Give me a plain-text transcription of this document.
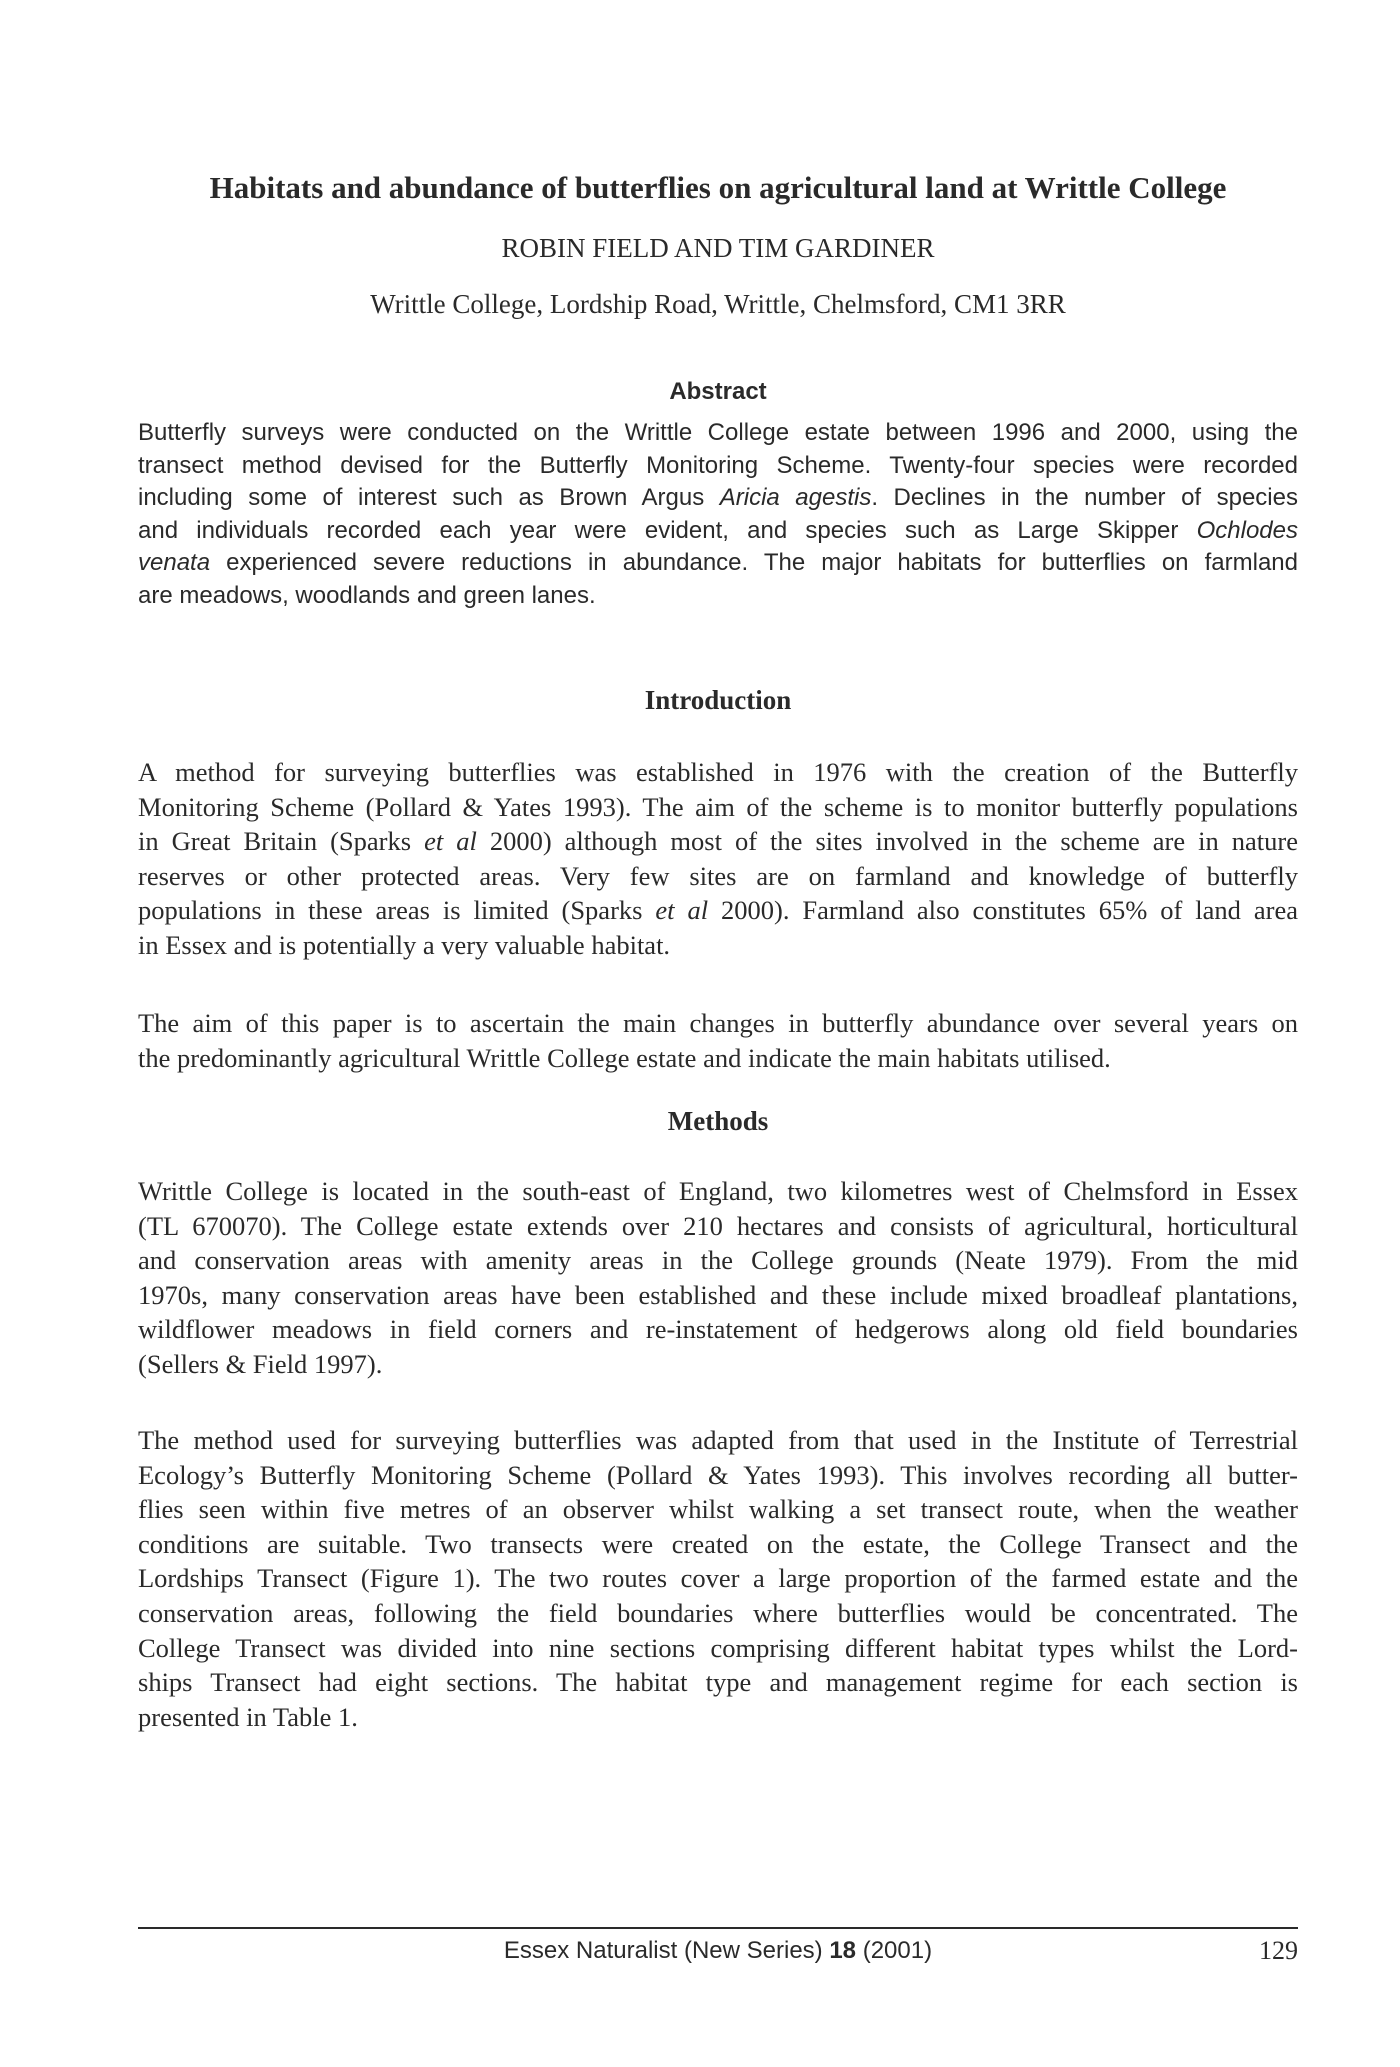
Habitats and abundance of butterflies on agricultural land at Writtle College
ROBIN FIELD AND TIM GARDINER
Writtle College, Lordship Road, Writtle, Chelmsford, CM1 3RR
Abstract
Butterfly surveys were conducted on the Writtle College estate between 1996 and 2000, using the
transect method devised for the Butterfly Monitoring Scheme. Twenty-four species were recorded
including some of interest such as Brown Argus Aricia agestis. Declines in the number of species
and individuals recorded each year were evident, and species such as Large Skipper Ochlodes
venata experienced severe reductions in abundance. The major habitats for butterflies on farmland
are meadows, woodlands and green lanes.
Introduction
A method for surveying butterflies was established in 1976 with the creation of the Butterfly
Monitoring Scheme (Pollard & Yates 1993). The aim of the scheme is to monitor butterfly populations
in Great Britain (Sparks et al 2000) although most of the sites involved in the scheme are in nature
reserves or other protected areas. Very few sites are on farmland and knowledge of butterfly
populations in these areas is limited (Sparks et al 2000). Farmland also constitutes 65% of land area
in Essex and is potentially a very valuable habitat.
The aim of this paper is to ascertain the main changes in butterfly abundance over several years on
the predominantly agricultural Writtle College estate and indicate the main habitats utilised.
Methods
Writtle College is located in the south-east of England, two kilometres west of Chelmsford in Essex
(TL 670070). The College estate extends over 210 hectares and consists of agricultural, horticultural
and conservation areas with amenity areas in the College grounds (Neate 1979). From the mid
1970s, many conservation areas have been established and these include mixed broadleaf plantations,
wildflower meadows in field corners and re-instatement of hedgerows along old field boundaries
(Sellers & Field 1997).
The method used for surveying butterflies was adapted from that used in the Institute of Terrestrial
Ecology’s Butterfly Monitoring Scheme (Pollard & Yates 1993). This involves recording all butter-
flies seen within five metres of an observer whilst walking a set transect route, when the weather
conditions are suitable. Two transects were created on the estate, the College Transect and the
Lordships Transect (Figure 1). The two routes cover a large proportion of the farmed estate and the
conservation areas, following the field boundaries where butterflies would be concentrated. The
College Transect was divided into nine sections comprising different habitat types whilst the Lord-
ships Transect had eight sections. The habitat type and management regime for each section is
presented in Table 1.
Essex Naturalist (New Series) 18 (2001)	129
